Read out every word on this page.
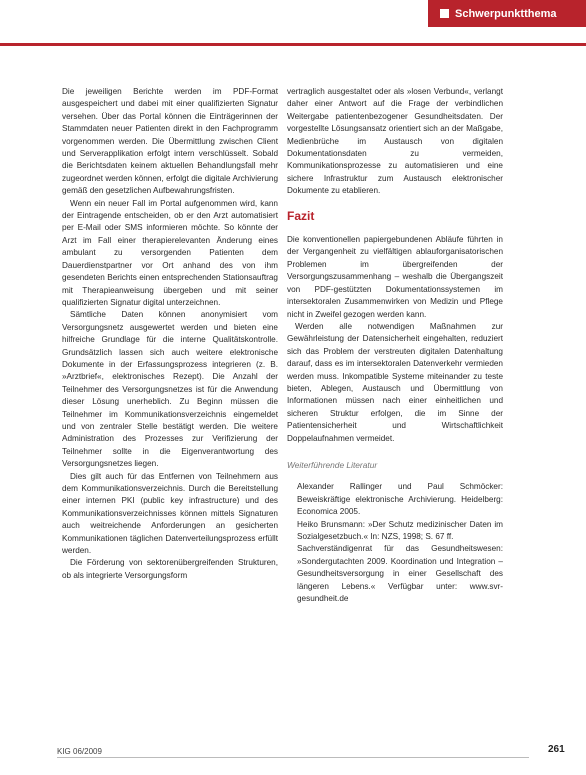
Schwerpunktthema

Die jeweiligen Berichte werden im PDF-Format ausgespeichert und dabei mit einer qualifizierten Signatur versehen. Über das Portal können die Einträgerinnen der Stammdaten neuer Patienten direkt in den Fachprogramm vorgenommen werden. Die Übermittlung zwischen Client und Serverapplikation erfolgt intern verschlüsselt. Sobald die Berichtsdaten keinem aktuellen Behandlungsfall mehr zugeordnet werden können, erfolgt die digitale Archivierung gemäß den gesetzlichen Aufbewahrungsfristen.

Wenn ein neuer Fall im Portal aufgenommen wird, kann der Eintragende entscheiden, ob er den Arzt automatisiert per E-Mail oder SMS informieren möchte. So könnte der Arzt im Fall einer therapierelevanten Änderung eines ambulant zu versorgenden Patienten dem Dauerdienstpartner vor Ort anhand des von ihm gesendeten Berichts einen entsprechenden Stationsauftrag mit Therapieanweisung übergeben und mit seiner qualifizierten Signatur digital unterzeichnen.

Sämtliche Daten können anonymisiert vom Versorgungsnetz ausgewertet werden und bieten eine hilfreiche Grundlage für die interne Qualitätskontrolle. Grundsätzlich lassen sich auch weitere elektronische Dokumente in der Erfassungsprozess integrieren (z. B. »Arztbrief«, elektronisches Rezept). Die Anzahl der Teilnehmer des Versorgungsnetzes ist für die Anwendung dieser Lösung unerheblich. Zu Beginn müssen die Teilnehmer im Kommunikationsverzeichnis eingemeldet und von zentraler Stelle bestätigt werden. Die weitere Administration des Prozesses zur Verifizierung der Teilnehmer sollte in die Eigenverantwortung des Versorgungsnetzes liegen.

Dies gilt auch für das Entfernen von Teilnehmern aus dem Kommunikationsverzeichnis. Durch die Bereitstellung einer internen PKI (public key infrastructure) und des Kommunikationsverzeichnisses können mittels Signaturen auch weitreichende Anforderungen an gesicherten Kommunikationen täglichen Datenverteilungsprozess erfüllt werden.

Die Förderung von sektorenübergreifenden Strukturen, ob als integrierte Versorgungsform

vertraglich ausgestaltet oder als »losen Verbund«, verlangt daher einer Antwort auf die Frage der verbindlichen Weitergabe patientenbezogener Gesundheitsdaten. Der vorgestellte Lösungsansatz orientiert sich an der Maßgabe, Medienbrüche im Austausch von digitalen Dokumentationsdaten zu vermeiden, Kommunikationsprozesse zu automatisieren und eine sichere Infrastruktur zum Austausch elektronischer Dokumente zu etablieren.

Fazit

Die konventionellen papiergebundenen Abläufe führten in der Vergangenheit zu vielfältigen ablauforganisatorischen Problemen im übergreifenden der Versorgungszusammenhang – weshalb die Übergangszeit von PDF-gestützten Dokumentationssystemen im intersektoralen Zusammenwirken von Medizin und Pflege nicht in Zweifel gezogen werden kann.

Werden alle notwendigen Maßnahmen zur Gewährleistung der Datensicherheit eingehalten, reduziert sich das Problem der verstreuten digitalen Datenhaltung darauf, dass es im intersektoralen Datenverkehr vermieden werden muss. Inkompatible Systeme miteinander zu teste bieten, Ablegen, Austausch und Übermittlung von Informationen müssen nach einer einheitlichen und sicheren Struktur erfolgen, die im Sinne der Patientensicherheit und Wirtschaftlichkeit Doppelaufnahmen vermeidet.

Weiterführende Literatur

Alexander Rallinger und Paul Schmöcker: Beweiskräftige elektronische Archivierung. Heidelberg: Economica 2005.

Heiko Brunsmann: »Der Schutz medizinischer Daten im Sozialgesetzbuch.« In: NZS, 1998; S. 67 ff.

Sachverständigenrat für das Gesundheitswesen: »Sondergutachten 2009. Koordination und Integration – Gesundheitsversorgung in einer Gesellschaft des längeren Lebens.« Verfügbar unter: www.svr-gesundheit.de

KIG 06/2009	261
